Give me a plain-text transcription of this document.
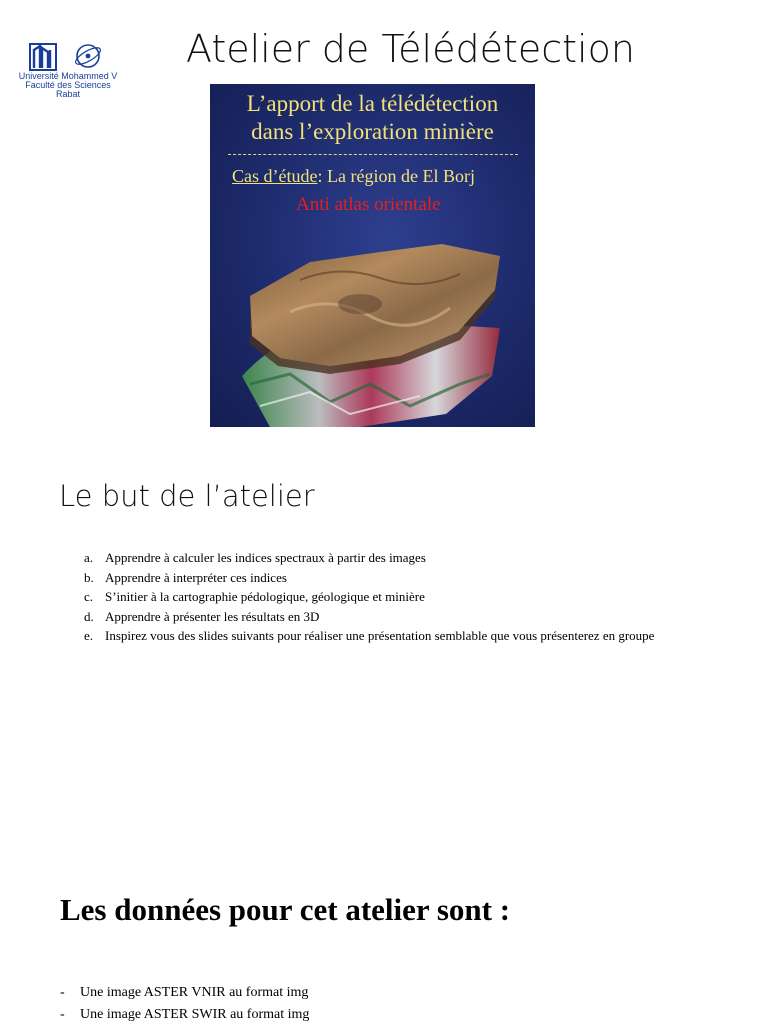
Université Mohammed V
Faculté des Sciences
Rabat
Atelier de Télédétection
L’apport de la télédétection
dans l’exploration minière
Cas d’étude: La région de El Borj
Anti atlas orientale
Le but de l’atelier
a. Apprendre à calculer les indices spectraux à partir des images
b. Apprendre à interpréter ces indices
c. S’initier à la cartographie pédologique, géologique et minière
d. Apprendre à présenter les résultats en 3D
e. Inspirez vous des slides suivants pour réaliser une présentation semblable que vous présenterez en groupe
Les données pour cet atelier sont :
- Une image ASTER VNIR au format img
- Une image ASTER SWIR au format img
